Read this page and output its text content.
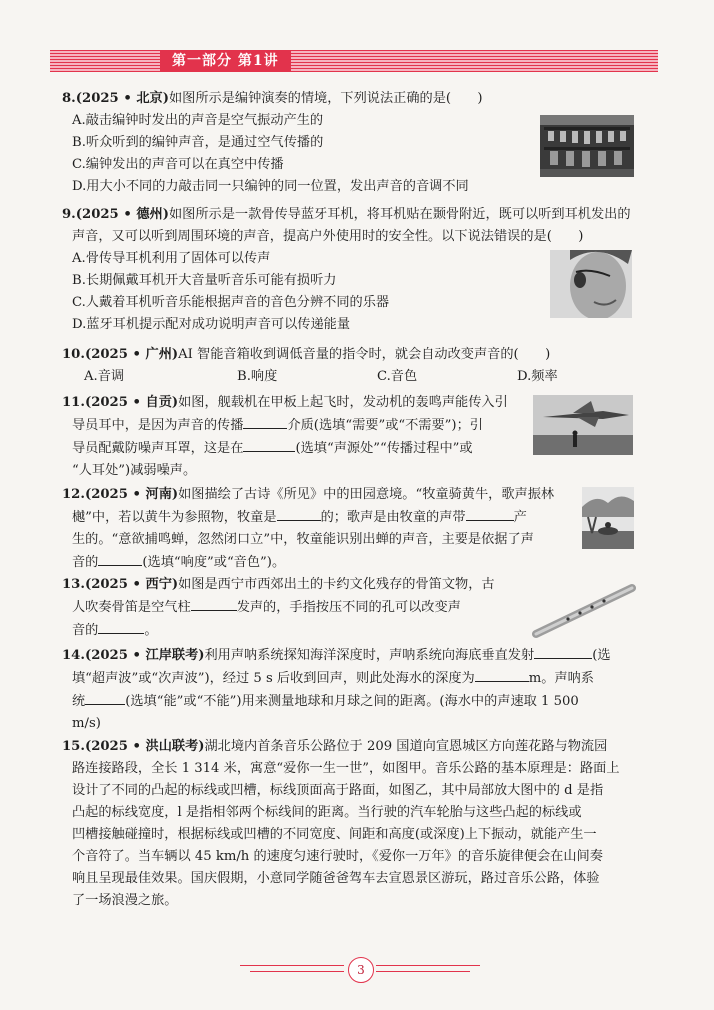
第一部分 第1讲

8.(2025 • 北京)如图所示是编钟演奏的情境，下列说法正确的是(　　)

A.敲击编钟时发出的声音是空气振动产生的

B.听众听到的编钟声音，是通过空气传播的

C.编钟发出的声音可以在真空中传播

D.用大小不同的力敲击同一只编钟的同一位置，发出声音的音调不同

9.(2025 • 德州)如图所示是一款骨传导蓝牙耳机，将耳机贴在颞骨附近，既可以听到耳机发出的

声音，又可以听到周围环境的声音，提高户外使用时的安全性。以下说法错误的是(　　)

A.骨传导耳机利用了固体可以传声

B.长期佩戴耳机开大音量听音乐可能有损听力

C.人戴着耳机听音乐能根据声音的音色分辨不同的乐器

D.蓝牙耳机提示配对成功说明声音可以传递能量

10.(2025 • 广州)AI 智能音箱收到调低音量的指令时，就会自动改变声音的(　　)

A.音调	B.响度	C.音色	D.频率

11.(2025 • 自贡)如图，舰载机在甲板上起飞时，发动机的轰鸣声能传入引

导员耳中，是因为声音的传播	介质(选填“需要”或“不需要”)；引

导员配戴防噪声耳罩，这是在	(选填“声源处”“传播过程中”或

“人耳处”)减弱噪声。

12.(2025 • 河南)如图描绘了古诗《所见》中的田园意境。“牧童骑黄牛，歌声振林

樾”中，若以黄牛为参照物，牧童是	的；歌声是由牧童的声带	产

生的。“意欲捕鸣蝉，忽然闭口立”中，牧童能识别出蝉的声音，主要是依据了声

音的	(选填“响度”或“音色”)。

13.(2025 • 西宁)如图是西宁市西郊出土的卡约文化残存的骨笛文物，古

人吹奏骨笛是空气柱	发声的，手指按压不同的孔可以改变声

音的	。

14.(2025 • 江岸联考)利用声呐系统探知海洋深度时，声呐系统向海底垂直发射	(选

填“超声波”或“次声波”)，经过 5 s 后收到回声，则此处海水的深度为	m。声呐系

统	(选填“能”或“不能”)用来测量地球和月球之间的距离。(海水中的声速取 1 500

m/s)

15.(2025 • 洪山联考)湖北境内首条音乐公路位于 209 国道向宣恩城区方向莲花路与物流园

路连接路段，全长 1 314 米，寓意“爱你一生一世”，如图甲。音乐公路的基本原理是：路面上

设计了不同的凸起的标线或凹槽，标线顶面高于路面，如图乙，其中局部放大图中的 d 是指

凸起的标线宽度，l 是指相邻两个标线间的距离。当行驶的汽车轮胎与这些凸起的标线或

凹槽接触碰撞时，根据标线或凹槽的不同宽度、间距和高度(或深度)上下振动，就能产生一

个音符了。当车辆以 45 km/h 的速度匀速行驶时，《爱你一万年》的音乐旋律便会在山间奏

响且呈现最佳效果。国庆假期，小意同学随爸爸驾车去宣恩景区游玩，路过音乐公路，体验

了一场浪漫之旅。

3
